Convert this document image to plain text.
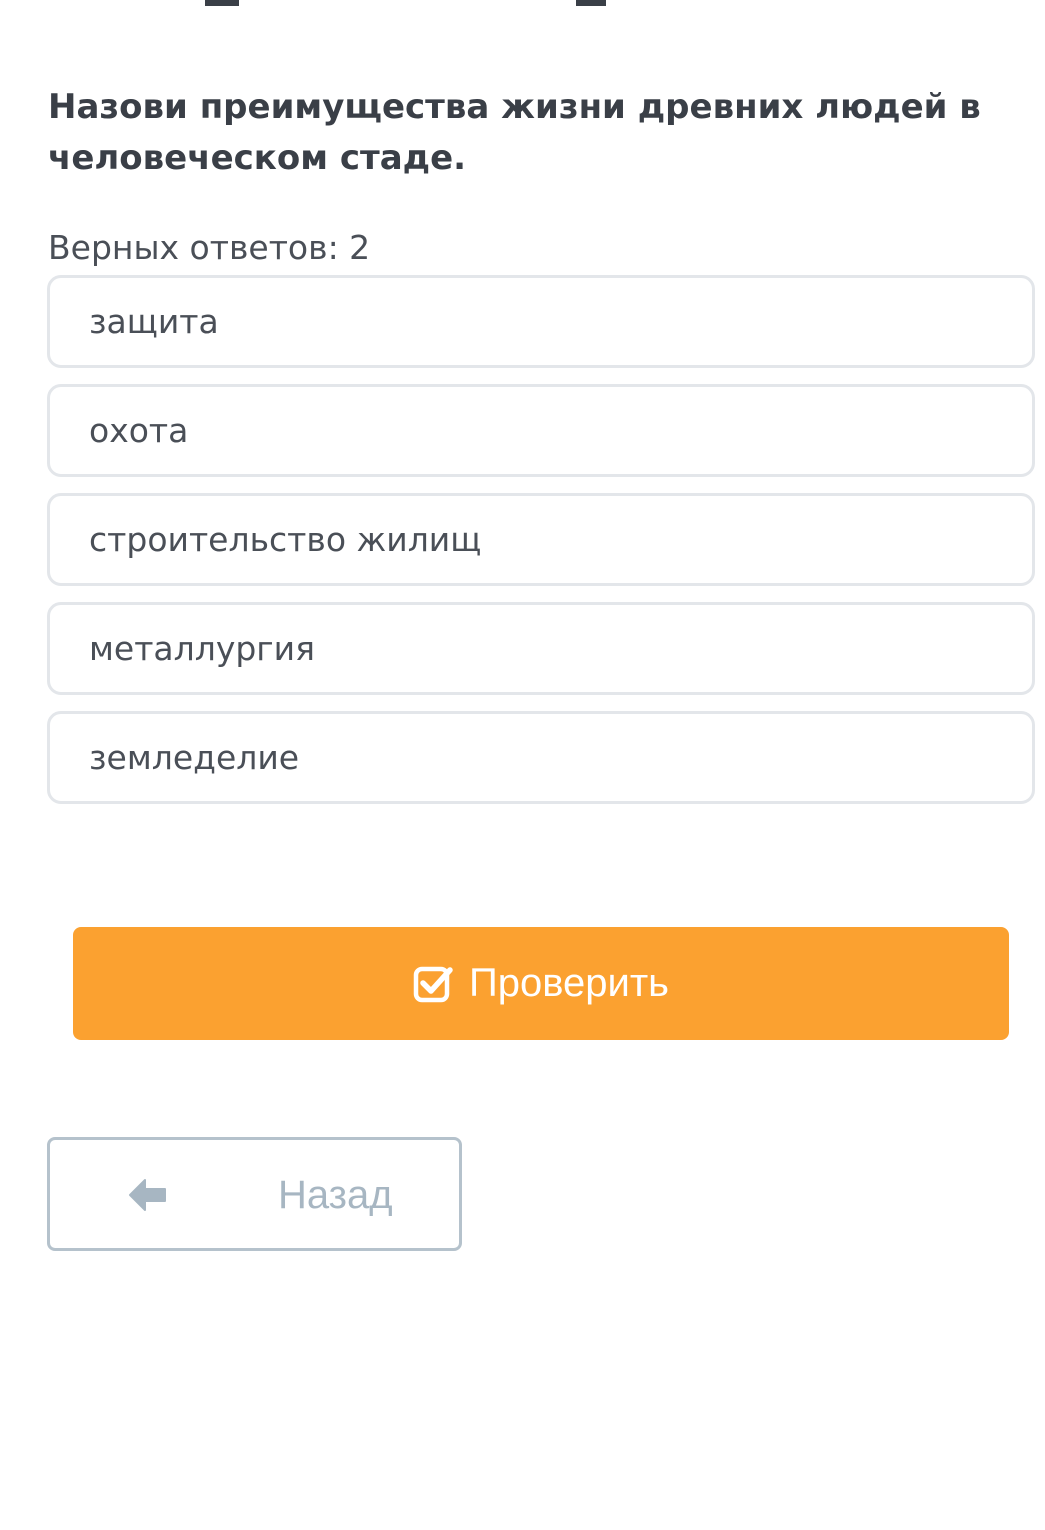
Назови преимущества жизни древних людей в человеческом стаде.

Верных ответов: 2

защита
охота
строительство жилищ
металлургия
земледелие
Проверить
Назад
